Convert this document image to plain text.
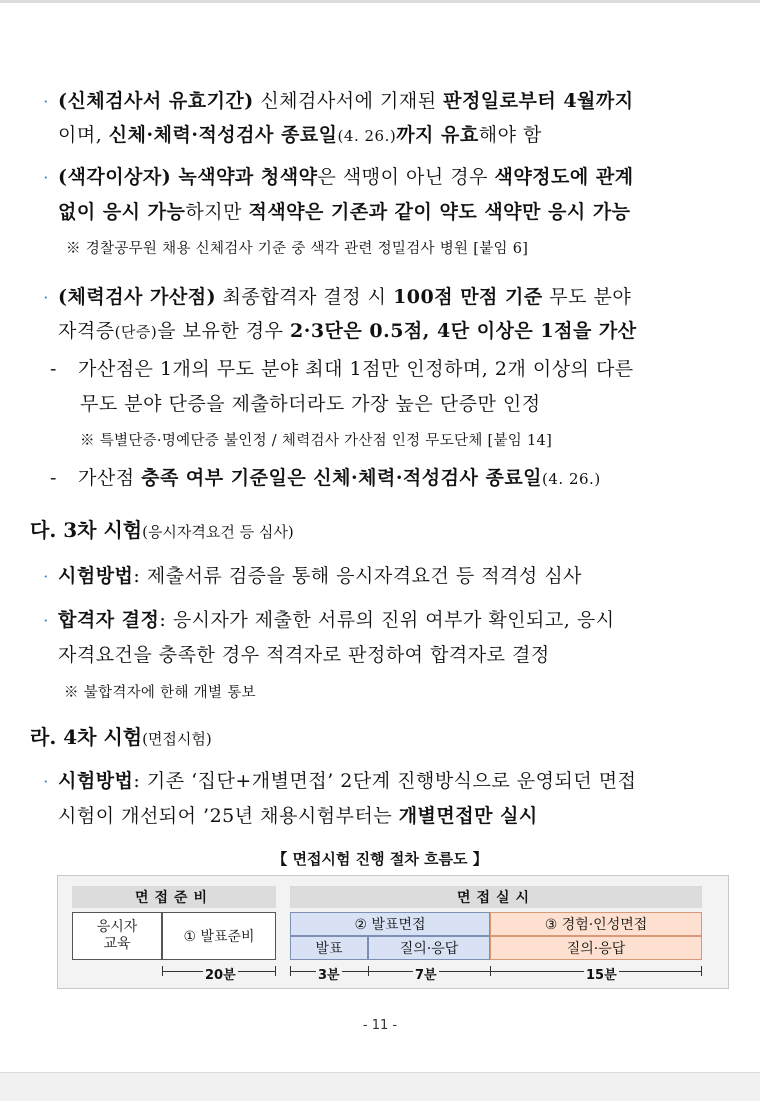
· (신체검사서 유효기간) 신체검사서에 기재된 판정일로부터 4월까지
이며, 신체·체력·적성검사 종료일(4. 26.)까지 유효해야 함
· (색각이상자) 녹색약과 청색약은 색맹이 아닌 경우 색약정도에 관계
없이 응시 가능하지만 적색약은 기존과 같이 약도 색약만 응시 가능
※ 경찰공무원 채용 신체검사 기준 중 색각 관련 정밀검사 병원 [붙임 6]
· (체력검사 가산점) 최종합격자 결정 시 100점 만점 기준 무도 분야
자격증(단증)을 보유한 경우 2·3단은 0.5점, 4단 이상은 1점을 가산
- 가산점은 1개의 무도 분야 최대 1점만 인정하며, 2개 이상의 다른
무도 분야 단증을 제출하더라도 가장 높은 단증만 인정
※ 특별단증·명예단증 불인정 / 체력검사 가산점 인정 무도단체 [붙임 14]
- 가산점 충족 여부 기준일은 신체·체력·적성검사 종료일(4. 26.)
다. 3차 시험(응시자격요건 등 심사)
· 시험방법: 제출서류 검증을 통해 응시자격요건 등 적격성 심사
· 합격자 결정: 응시자가 제출한 서류의 진위 여부가 확인되고, 응시
자격요건을 충족한 경우 적격자로 판정하여 합격자로 결정
※ 불합격자에 한해 개별 통보
라. 4차 시험(면접시험)
· 시험방법: 기존 ‘집단+개별면접’ 2단계 진행방식으로 운영되던 면접
시험이 개선되어 ’25년 채용시험부터는 개별면접만 실시
【 면접시험 진행 절차 흐름도 】
면접준비	면접실시
응시자
교육	① 발표준비
② 발표면접
발표	질의·응답
③ 경험·인성면접
질의·응답
20분	3분	7분	15분
- 11 -
